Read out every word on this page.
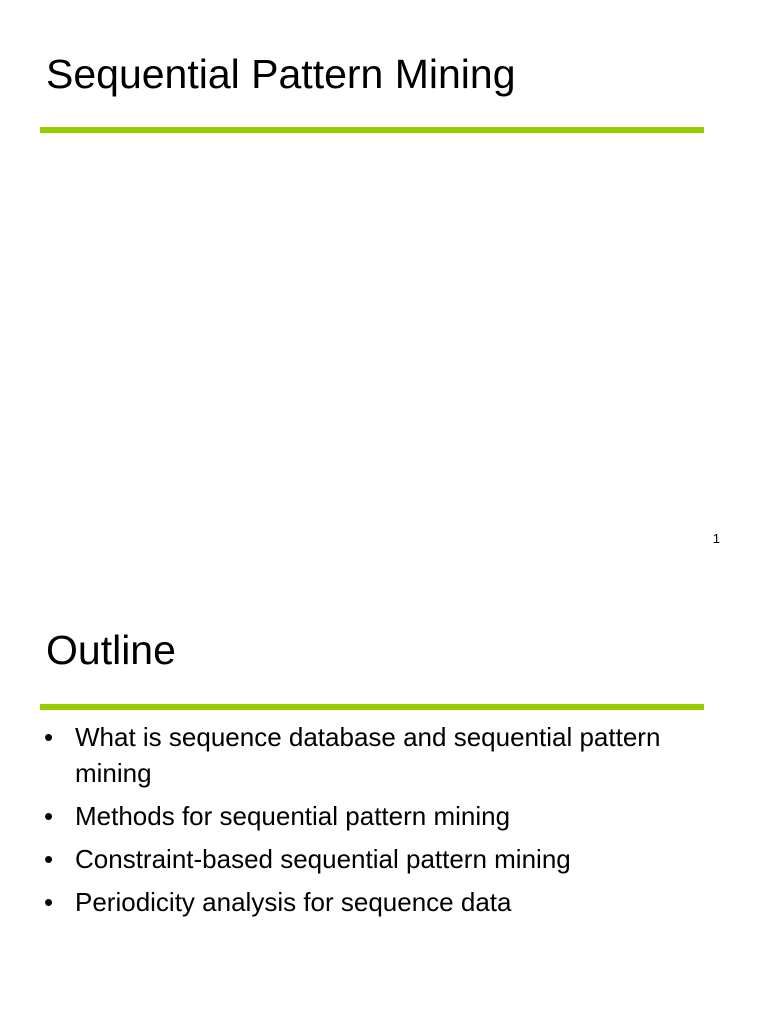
Sequential Pattern Mining
1
Outline
• What is sequence database and sequential pattern mining
• Methods for sequential pattern mining
• Constraint-based sequential pattern mining
• Periodicity analysis for sequence data
